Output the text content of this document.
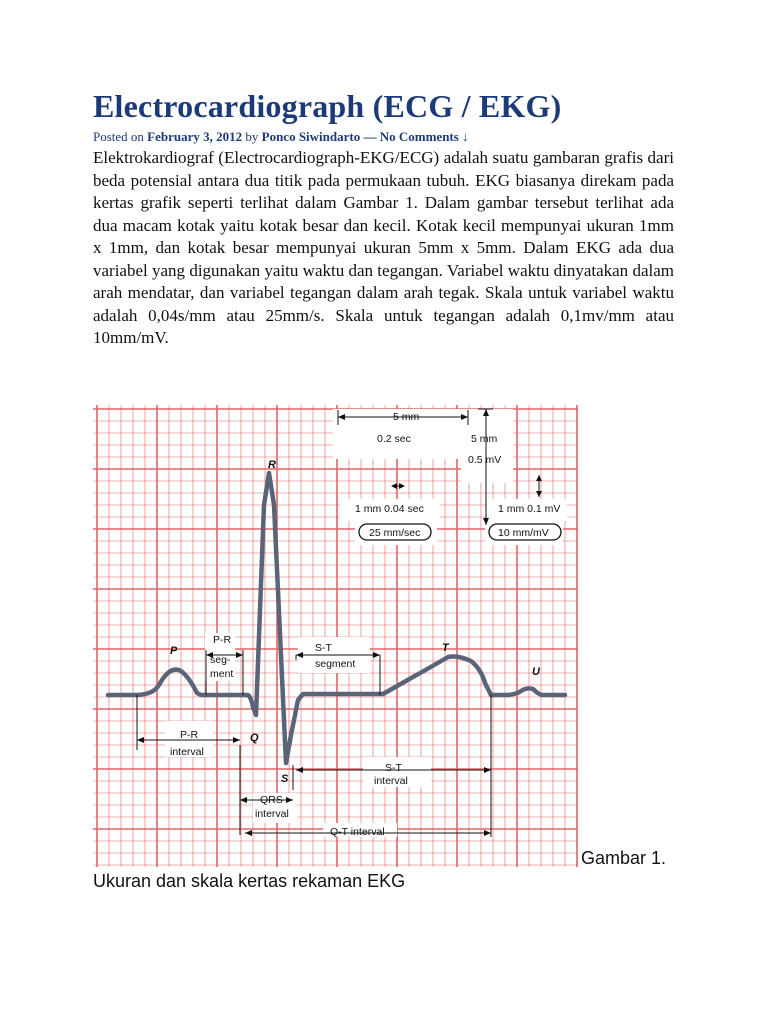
Electrocardiograph (ECG / EKG)
Posted on February 3, 2012 by Ponco Siwindarto — No Comments ↓
Elektrokardiograf (Electrocardiograph-EKG/ECG) adalah suatu gambaran grafis dari beda potensial antara dua titik pada permukaan tubuh. EKG biasanya direkam pada kertas grafik seperti terlihat dalam Gambar 1. Dalam gambar tersebut terlihat ada dua macam kotak yaitu kotak besar dan kecil. Kotak kecil mempunyai ukuran 1mm x 1mm, dan kotak besar mempunyai ukuran 5mm x 5mm. Dalam EKG ada dua variabel yang digunakan yaitu waktu dan tegangan. Variabel waktu dinyatakan dalam arah mendatar, dan variabel tegangan dalam arah tegak. Skala untuk variabel waktu adalah 0,04s/mm atau 25mm/s. Skala untuk tegangan adalah 0,1mv/mm atau 10mm/mV.
5 mm
0.2 sec	5 mm
0.5 mV
1 mm 0.04 sec	1 mm 0.1 mV
25 mm/sec	10 mm/mV
R
P
Q
S
T
U
P-R
seg-
ment
S-T
segment
P-R
interval
S-T
interval
QRS
interval
Q-T interval
Gambar 1.
Ukuran dan skala kertas rekaman EKG
